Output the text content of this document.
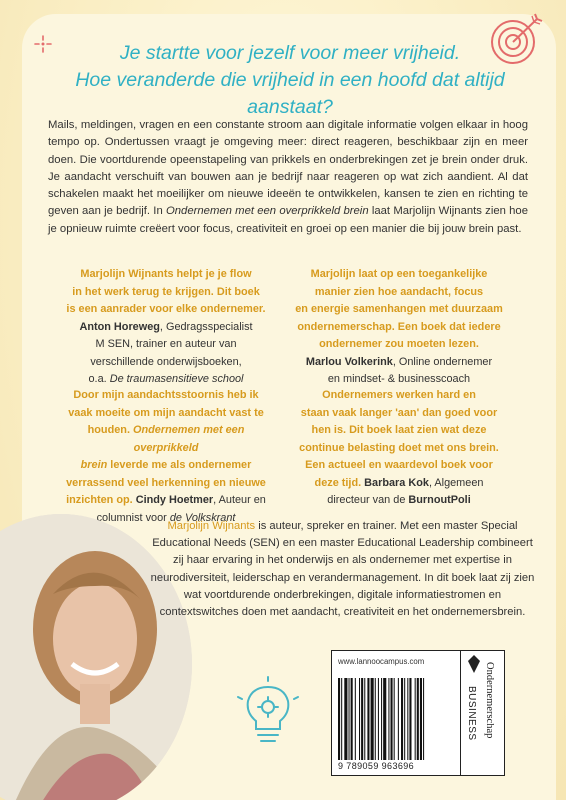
Je startte voor jezelf voor meer vrijheid.
Hoe veranderde die vrijheid in een hoofd dat altijd aanstaat?
Mails, meldingen, vragen en een constante stroom aan digitale informatie volgen elkaar in hoog tempo op. Ondertussen vraagt je omgeving meer: direct reageren, beschikbaar zijn en meer doen. Die voortdurende opeenstapeling van prikkels en onderbrekingen zet je brein onder druk. Je aandacht verschuift van bouwen aan je bedrijf naar reageren op wat zich aandient. Al dat schakelen maakt het moeilijker om nieuwe ideeën te ontwikkelen, kansen te zien en richting te geven aan je bedrijf. In Ondernemen met een overprikkeld brein laat Marjolijn Wijnants zien hoe je opnieuw ruimte creëert voor focus, creativiteit en groei op een manier die bij jouw brein past.
Marjolijn Wijnants helpt je je flow
in het werk terug te krijgen. Dit boek
is een aanrader voor elke ondernemer.
Anton Horeweg, Gedragsspecialist
M SEN, trainer en auteur van
verschillende onderwijsboeken,
o.a. De traumasensitieve school
Marjolijn laat op een toegankelijke
manier zien hoe aandacht, focus
en energie samenhangen met duurzaam
ondernemerschap. Een boek dat iedere
ondernemer zou moeten lezen.
Marlou Volkerink, Online ondernemer
en mindset- & businesscoach
Door mijn aandachtsstoornis heb ik
vaak moeite om mijn aandacht vast te
houden. Ondernemen met een overprikkeld
brein leverde me als ondernemer
verrassend veel herkenning en nieuwe
inzichten op. Cindy Hoetmer, Auteur en
columnist voor de Volkskrant
Ondernemers werken hard en
staan vaak langer 'aan' dan goed voor
hen is. Dit boek laat zien wat deze
continue belasting doet met ons brein.
Een actueel en waardevol boek voor
deze tijd. Barbara Kok, Algemeen
directeur van de BurnoutPoli
Marjolijn Wijnants is auteur, spreker en trainer. Met een master Special Educational Needs (SEN) en een master Educational Leadership combineert zij haar ervaring in het onderwijs en als ondernemer met expertise in neurodiversiteit, leiderschap en verandermanagement. In dit boek laat zij zien wat voortdurende onderbrekingen, digitale informatiestromen en contextswitches doen met aandacht, creativiteit en het ondernemersbrein.
www.lannoocampus.com
9 789059 963696
BUSINESS Ondernemerschap
